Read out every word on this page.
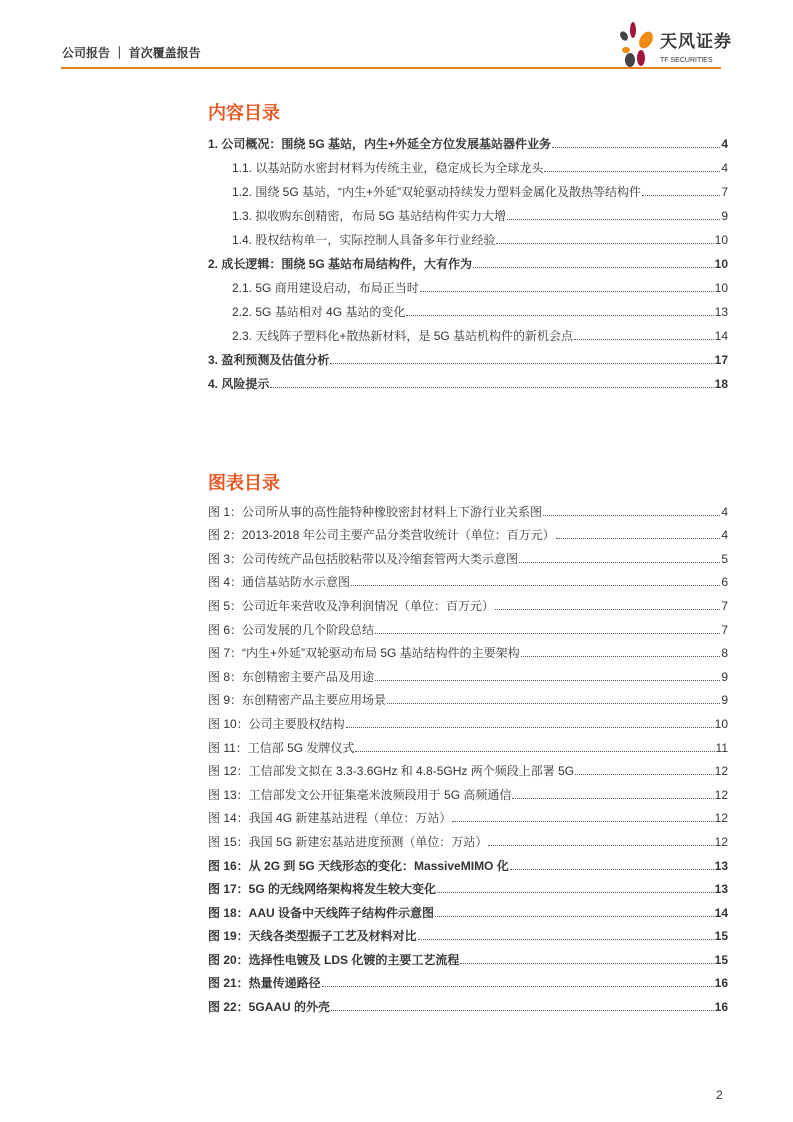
公司报告 ｜ 首次覆盖报告
天风证券
TF SECURITIES
内容目录
1. 公司概况：围绕 5G 基站，内生+外延全方位发展基站器件业务	4
1.1. 以基站防水密封材料为传统主业，稳定成长为全球龙头	4
1.2. 围绕 5G 基站，“内生+外延”双轮驱动持续发力塑料金属化及散热等结构件	7
1.3. 拟收购东创精密，布局 5G 基站结构件实力大增	9
1.4. 股权结构单一，实际控制人具备多年行业经验	10
2. 成长逻辑：围绕 5G 基站布局结构件，大有作为	10
2.1. 5G 商用建设启动，布局正当时	10
2.2. 5G 基站相对 4G 基站的变化	13
2.3. 天线阵子塑料化+散热新材料，是 5G 基站机构件的新机会点	14
3. 盈利预测及估值分析	17
4. 风险提示	18
图表目录
图 1：公司所从事的高性能特种橡胶密封材料上下游行业关系图	4
图 2：2013-2018 年公司主要产品分类营收统计（单位：百万元）	4
图 3：公司传统产品包括胶粘带以及冷缩套管两大类示意图	5
图 4：通信基站防水示意图	6
图 5：公司近年来营收及净利润情况（单位：百万元）	7
图 6：公司发展的几个阶段总结	7
图 7：“内生+外延”双轮驱动布局 5G 基站结构件的主要架构	8
图 8：东创精密主要产品及用途	9
图 9：东创精密产品主要应用场景	9
图 10：公司主要股权结构	10
图 11：工信部 5G 发牌仪式	11
图 12：工信部发文拟在 3.3-3.6GHz 和 4.8-5GHz 两个频段上部署 5G	12
图 13：工信部发文公开征集毫米波频段用于 5G 高频通信	12
图 14：我国 4G 新建基站进程（单位：万站）	12
图 15：我国 5G 新建宏基站进度预测（单位：万站）	12
图 16：从 2G 到 5G 天线形态的变化：MassiveMIMO 化	13
图 17：5G 的无线网络架构将发生较大变化	13
图 18：AAU 设备中天线阵子结构件示意图	14
图 19：天线各类型振子工艺及材料对比	15
图 20：选择性电镀及 LDS 化镀的主要工艺流程	15
图 21：热量传递路径	16
图 22：5GAAU 的外壳	16
2
